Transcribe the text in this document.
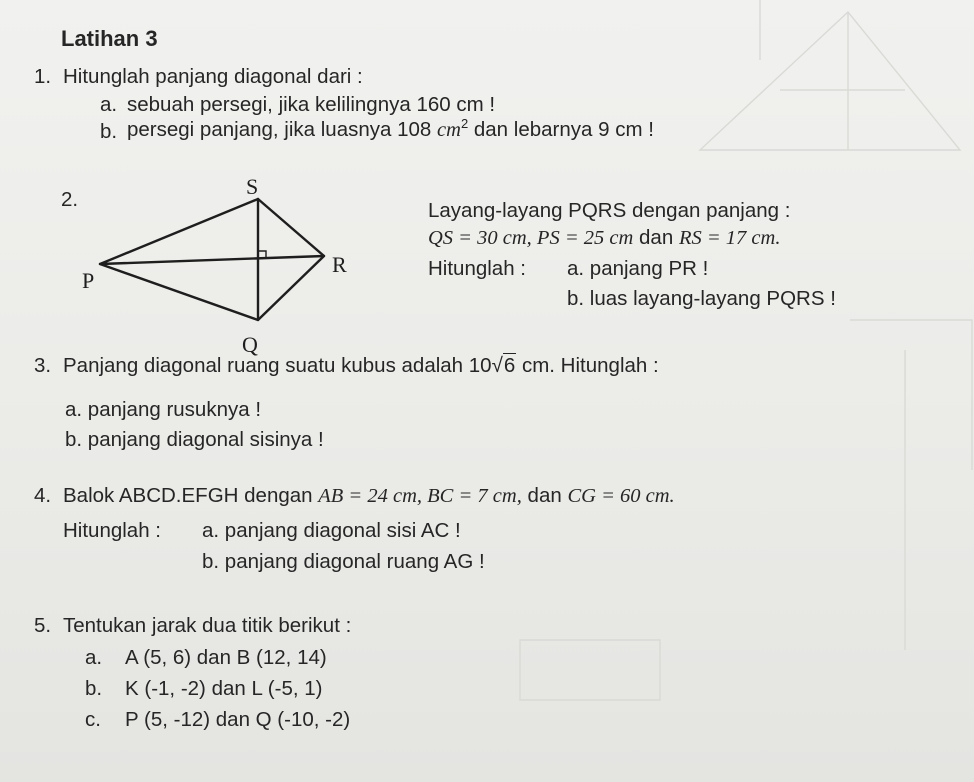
Latihan 3
1. Hitunglah panjang diagonal dari :
a. sebuah persegi, jika kelilingnya 160 cm !
b. persegi panjang, jika luasnya 108 $cm^2$ dan lebarnya 9 cm !
2.
S
P
R
Q
Layang-layang PQRS dengan panjang :
QS = 30 cm, PS = 25 cm dan RS = 17 cm.
Hitunglah : a. panjang PR !
b. luas layang-layang PQRS !
3. Panjang diagonal ruang suatu kubus adalah 10√6 cm. Hitunglah :
a. panjang rusuknya !
b. panjang diagonal sisinya !
4. Balok ABCD.EFGH dengan AB = 24 cm, BC = 7 cm, dan CG = 60 cm.
Hitunglah : a. panjang diagonal sisi AC !
b. panjang diagonal ruang AG !
5. Tentukan jarak dua titik berikut :
a. A (5, 6) dan B (12, 14)
b. K (-1, -2) dan L (-5, 1)
c. P (5, -12) dan Q (-10, -2)
